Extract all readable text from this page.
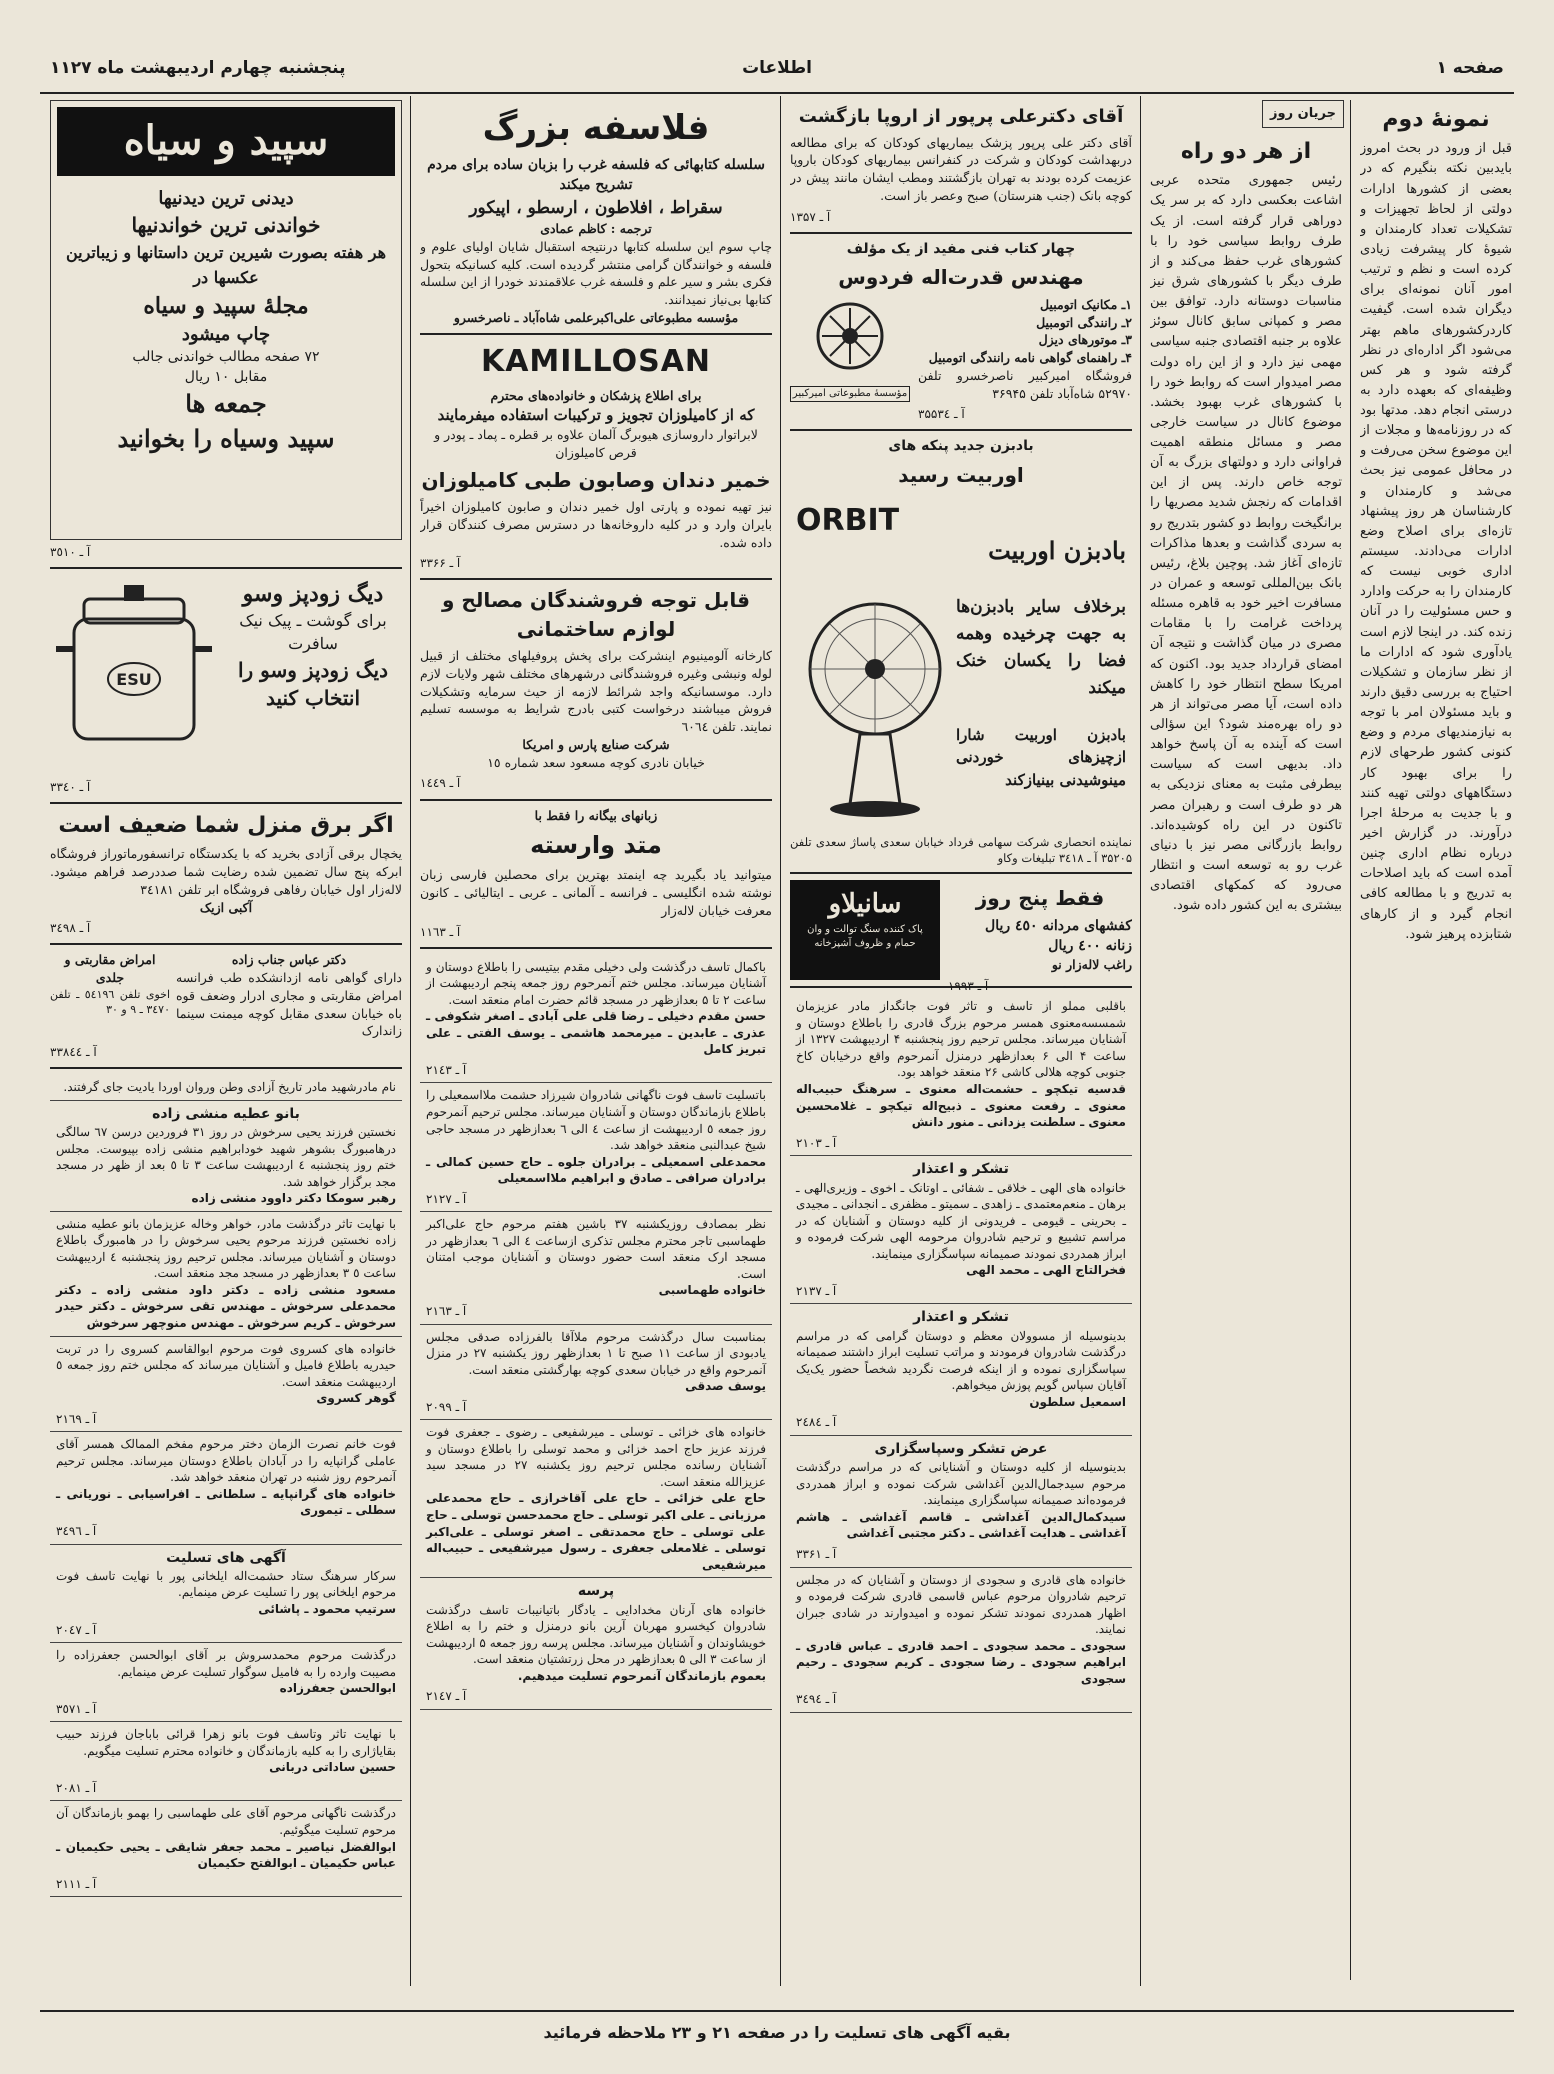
صفحه ۱
اطلاعات
پنجشنبه چهارم اردیبهشت ماه ۱۱۲۷
نمونهٔ دوم
قبل از ورود در بحث امروز بایدبین نکته بنگیرم که در بعضی از کشورها ادارات دولتی از لحاظ تجهیزات و تشکیلات تعداد کارمندان و شیوهٔ کار پیشرفت زیادی کرده است و نظم و ترتیب امور آنان نمونه‌ای برای دیگران شده است. گیفیت کاردرکشورهای ماهم بهتر می‌شود اگر اداره‌ای در نظر گرفته شود و هر کس وظیفه‌ای که بعهده دارد به درستی انجام دهد. مدتها بود که در روزنامه‌ها و مجلات از این موضوع سخن می‌رفت و در محافل عمومی نیز بحث می‌شد و کارمندان و کارشناسان هر روز پیشنهاد تازه‌ای برای اصلاح وضع ادارات می‌دادند. سیستم اداری خوبی نیست که کارمندان را به حرکت وادارد و حس مسئولیت را در آنان زنده کند. در اینجا لازم است یادآوری شود که ادارات ما از نظر سازمان و تشکیلات احتیاج به بررسی دقیق دارند و باید مسئولان امر با توجه به نیازمندیهای مردم و وضع کنونی کشور طرحهای لازم را برای بهبود کار دستگاههای دولتی تهیه کنند و با جدیت به مرحلهٔ اجرا درآورند. در گزارش اخیر درباره نظام اداری چنین آمده است که باید اصلاحات به تدریج و با مطالعه کافی انجام گیرد و از کارهای شتابزده پرهیز شود.
جریان روز
از هر دو راه
رئیس جمهوری متحده عربی اشاعت بعکسی دارد که بر سر یک دوراهی قرار گرفته است. از یک طرف روابط سیاسی خود را با کشورهای غرب حفظ می‌کند و از طرف دیگر با کشورهای شرق نیز مناسبات دوستانه دارد. توافق بین مصر و کمپانی سابق کانال سوئز علاوه بر جنبه اقتصادی جنبه سیاسی مهمی نیز دارد و از این راه دولت مصر امیدوار است که روابط خود را با کشورهای غرب بهبود بخشد. موضوع کانال در سیاست خارجی مصر و مسائل منطقه اهمیت فراوانی دارد و دولتهای بزرگ به آن توجه خاص دارند. پس از این اقدامات که رنجش شدید مصریها را برانگیخت روابط دو کشور بتدریج رو به سردی گذاشت و بعدها مذاکرات تازه‌ای آغاز شد. پوچین بلاغ، رئیس بانک بین‌المللی توسعه و عمران در مسافرت اخیر خود به قاهره مسئله پرداخت غرامت را با مقامات مصری در میان گذاشت و نتیجه آن امضای قرارداد جدید بود. اکنون که امریکا سطح انتظار خود را کاهش داده است، آیا مصر می‌تواند از هر دو راه بهره‌مند شود؟ این سؤالی است که آینده به آن پاسخ خواهد داد. بدیهی است که سیاست بیطرفی مثبت به معنای نزدیکی به هر دو طرف است و رهبران مصر تاکنون در این راه کوشیده‌اند. روابط بازرگانی مصر نیز با دنیای غرب رو به توسعه است و انتظار می‌رود که کمکهای اقتصادی بیشتری به این کشور داده شود.
آقای دکترعلی پرپور از اروپا بازگشت
آقای دکتر علی پرپور پزشک بیماریهای کودکان که برای مطالعه دربهداشت کودکان و شرکت در کنفرانس بیماریهای کودکان باروپا عزیمت کرده بودند به تهران بازگشتند ومطب ایشان مانند پیش در کوچه بانک (جنب هنرستان) صبح وعصر باز است.
آ ـ ۱۳۵۷
چهار کتاب فنی مفید از یک مؤلف
مهندس قدرت‌اله فردوس
۱ـ مکانیک اتومبیل
۲ـ رانندگی اتومبیل
۳ـ موتورهای دیزل
۴ـ راهنمای گواهی نامه رانندگی اتومبیل
فروشگاه امیرکبیر ناصرخسرو تلفن ۵۲۹۷۰ شاه‌آباد تلفن ۳۶۹۴۵
آ ـ ۳۵۵۳٤
مؤسسهٔ مطبوعاتی امیرکبیر
بادبزن جدید پنکه های
اوربیت رسید
ORBIT
بادبزن اوربیت
برخلاف سایر بادبزن‌ها به جهت چرخیده وهمه فضا را یکسان خنک میکند
بادبزن اوربیت شارا ازچیزهای خوردنی مینوشیدنی بینیازکند
نماینده انحصاری شرکت سهامی فرداد خیابان سعدی پاساژ سعدی تلفن ۳۵۲۰۵ آ ـ ۳٤۱۸ تبلیغات وکاو
فقط پنج روز
کفشهای مردانه ٤٥٠ ریال
زنانه ٤٠٠ ریال
راغب لاله‌زار نو
آ ـ ۱۹۹۳
سانیلاو
پاک کننده سنگ توالت و وان حمام و ظروف آشپزخانه
باقلبی مملو از تاسف و تاثر فوت جانگداز مادر عزیزمان شمسسه‌معنوی همسر مرحوم بزرگ قادری را باطلاع دوستان و آشنایان میرساند. مجلس ترحیم روز پنجشنبه ۴ اردیبهشت ۱۳۲۷ از ساعت ۴ الی ۶ بعدازظهر درمنزل آنمرحوم واقع درخیابان کاخ جنوبی کوچه هلالی کاشی ۲۶ منعقد خواهد بود.
قدسیه تیکچو ـ حشمت‌اله معنوی ـ سرهنگ حبیب‌اله معنوی ـ رفعت معنوی ـ ذبیح‌اله تیکچو ـ غلامحسین معنوی ـ سلطنت یزدانی ـ منور دانش
آ ـ ۲۱۰۳
تشکر و اعتذار
خانواده های الهی ـ خلاقی ـ شفائی ـ اوتانک ـ اخوی ـ وزیری‌الهی ـ برهان ـ منعم‌معتمدی ـ زاهدی ـ سمیتو ـ مظفری ـ انجدانی ـ مجیدی ـ بحرینی ـ قیومی ـ فریدونی از کلیه دوستان و آشنایان که در مراسم تشییع و ترحیم شادروان مرحومه الهی شرکت فرموده و ابراز همدردی نمودند صمیمانه سپاسگزاری مینمایند.
فخرالتاج الهی ـ محمد الهی
آ ـ ۲۱۳۷
تشکر و اعتذار
بدینوسیله از مسوولان معظم و دوستان گرامی که در مراسم درگذشت شادروان فرمودند و مراتب تسلیت ابراز داشتند صمیمانه سپاسگزاری نموده و از اینکه فرصت نگردید شخصاً حضور یک‌یک آقایان سپاس گویم پوزش میخواهم.
اسمعیل سلطون
آ ـ ۲٤٨٤
عرض تشکر وسپاسگزاری
بدینوسیله از کلیه دوستان و آشنایانی که در مراسم درگذشت مرحوم سیدجمال‌الدین آغداشی شرکت نموده و ابراز همدردی فرموده‌اند صمیمانه سپاسگزاری مینمایند.
سیدکمال‌الدین آغداشی ـ قاسم آغداشی ـ هاشم آغداشی ـ هدایت آغداشی ـ دکتر مجتبی آغداشی
آ ـ ۳۳۶۱
خانواده های قادری و سجودی از دوستان و آشنایان که در مجلس ترحیم شادروان مرحوم عباس قاسمی قادری شرکت فرموده و اظهار همدردی نمودند تشکر نموده و امیدوارند در شادی جبران نمایند.
سجودی ـ محمد سجودی ـ احمد قادری ـ عباس قادری ـ ابراهیم سجودی ـ رضا سجودی ـ کریم سجودی ـ رحیم سجودی
آ ـ ۳٤۹٤
فلاسفه بزرگ
سلسله کتابهائی که فلسفه غرب را بزبان ساده برای مردم تشریح میکند
سقراط ، افلاطون ، ارسطو ، اپیکور
ترجمه : کاظم عمادی
چاپ سوم این سلسله کتابها درنتیجه استقبال شایان اولیای علوم و فلسفه و خوانندگان گرامی منتشر گردیده است. کلیه کسانیکه بتحول فکری بشر و سیر علم و فلسفه غرب علاقمندند خودرا از این سلسله کتابها بی‌نیاز نمیدانند.
مؤسسه مطبوعاتی علی‌اکبرعلمی شاه‌آباد ـ ناصرخسرو
KAMILLOSAN
برای اطلاع پزشکان و خانواده‌های محترم
که از کامیلوزان تجویز و ترکیبات استفاده میفرمایند
لابراتوار داروسازی هیوبرگ آلمان علاوه بر قطره ـ پماد ـ پودر و قرص کامیلوزان
خمیر دندان وصابون طبی کامیلوزان
نیز تهیه نموده و پارتی اول خمیر دندان و صابون کامیلوزان اخیراً بایران وارد و در کلیه داروخانه‌ها در دسترس مصرف کنندگان قرار داده شده.
آ ـ ۳۳۶۶
قابل توجه فروشندگان مصالح و لوازم ساختمانی
کارخانه آلومینیوم اینشرکت برای پخش پروفیلهای مختلف از قبیل لوله ونبشی وغیره فروشندگانی درشهرهای مختلف شهر ولایات لازم دارد. موسسانیکه واجد شرائط لازمه از حیث سرمایه وتشکیلات فروش میباشند درخواست کتبی بادرج شرایط به موسسه تسلیم نمایند. تلفن ٦٠٦٤
شرکت صنایع پارس و امریکا
خیابان نادری کوچه مسعود سعد شماره ١٥
آ ـ ١٤٤٩
زبانهای بیگانه را فقط با
متد وارسته
میتوانید یاد بگیرید چه اینمتد بهترین برای محصلین فارسی زبان نوشته شده انگلیسی ـ فرانسه ـ آلمانی ـ عربی ـ ایتالیائی ـ کانون معرفت خیابان لاله‌زار
آ ـ ١١٦٣
باکمال تاسف درگذشت ولی دخیلی مقدم بیتیسی را باطلاع دوستان و آشنایان میرساند. مجلس ختم آنمرحوم روز جمعه پنجم اردیبهشت از ساعت ۲ تا ۵ بعدازظهر در مسجد قائم حضرت امام منعقد است.
حسن مقدم دخیلی ـ رضا قلی علی آبادی ـ اصغر شکوفی ـ عذری ـ عابدین ـ میرمحمد هاشمی ـ یوسف الفتی ـ علی تبریز کامل
آ ـ ۲١٤۳
باتسلیت تاسف فوت ناگهانی شادروان شیرزاد حشمت ملااسمعیلی را باطلاع بازماندگان دوستان و آشنایان میرساند. مجلس ترحیم آنمرحوم روز جمعه ٥ اردیبهشت از ساعت ٤ الی ٦ بعدازظهر در مسجد حاجی شیخ عبدالنبی منعقد خواهد شد.
محمدعلی اسمعیلی ـ برادران جلوه ـ حاج حسین کمالی ـ برادران صرافی ـ صادق و ابراهیم ملااسمعیلی
آ ـ ۲١٢٧
نظر بمصادف روزیکشنبه ۳٧ باشین هفتم مرحوم حاج علی‌اکبر طهماسبی تاجر محترم مجلس تذکری ازساعت ٤ الی ٦ بعدازظهر در مسجد ارک منعقد است حضور دوستان و آشنایان موجب امتنان است.
خانواده طهماسبی
آ ـ ۲١٦٣
بمناسبت سال درگذشت مرحوم ملاآقا بالفرزاده صدقی مجلس یادبودی از ساعت ١١ صبح تا ١ بعدازظهر روز یکشنبه ٢٧ در منزل آنمرحوم واقع در خیابان سعدی کوچه بهارگشتی منعقد است.
یوسف صدقی
آ ـ ۲٠٩٩
خانواده های خزائی ـ توسلی ـ میرشفیعی ـ رضوی ـ جعفری فوت فرزند عزیز حاج احمد خزائی و محمد توسلی را باطلاع دوستان و آشنایان رسانده مجلس ترحیم روز یکشنبه ٢٧ در مسجد سید عزیزالله منعقد است.
حاج علی خزائی ـ حاج علی آقاخرازی ـ حاج محمدعلی مرزبانی ـ علی اکبر توسلی ـ حاج محمدحسن توسلی ـ حاج علی توسلی ـ حاج محمدتقی ـ اصغر توسلی ـ علی‌اکبر توسلی ـ غلامعلی جعفری ـ رسول میرشفیعی ـ حبیب‌اله میرشفیعی
پرسه
خانواده های آرنان مخدادایی ـ یادگار باتیانیبات تاسف درگذشت شادروان کیخسرو مهربان آرین بانو درمنزل و ختم را به اطلاع خویشاوندان و آشنایان میرساند. مجلس پرسه روز جمعه ۵ اردیبهشت از ساعت ۳ الی ۵ بعدازظهر در محل زرتشتیان منعقد است.
بعموم بازماندگان آنمرحوم تسلیت میدهیم.
آ ـ ۲١٤٧
سپید و سیاه
دیدنی ترین دیدنیها
خواندنی ترین خواندنیها
هر هفته بصورت شیرین ترین داستانها و زیباترین عکسها در
مجلهٔ سپید و سیاه
چاپ میشود
٧٢ صفحه مطالب خواندنی جالب
مقابل ١٠ ریال
جمعه ها
سپید وسیاه را بخوانید
آ ـ ٣٥١٠
ESU
دیگ زودپز وسو
برای گوشت ـ پیک نیک
سافرت
دیگ زودپز وسو را
انتخاب کنید
آ ـ ٣٣٤٠
اگر برق منزل شما ضعیف است
یخچال برقی آزادی بخرید که با یکدستگاه ترانسفورماتوراز فروشگاه ابرکه پنج سال تضمین شده رضایت شما صددرصد فراهم میشود. لاله‌زار اول خیابان رفاهی فروشگاه ابر تلفن ٣٤١٨١
آکبی ازیک
آ ـ ٣٤٩٨
دکتر عباس جناب زاده
دارای گواهی نامه ازدانشکده طب فرانسه امراض مقاربتی و مجاری ادرار وضعف قوه باه خیابان سعدی مقابل کوچه میمنت سینما زاندارک
امراض مقاربتی و جلدی
اخوی تلفن ٥٤١٩٦ ـ تلفن ٣٤٧٠ ـ ٩ و ٣٠
آ ـ ٣٣٨٤٤
نام مادرشهید مادر تاریخ آزادی وطن وروان اوردا یادیت جای گرفتند.
بانو عطیه منشی زاده
نخستین فرزند یحیی سرخوش در روز ٣١ فروردین درسن ٦٧ سالگی درهامبورگ بشوهر شهید خودابراهیم منشی زاده بپیوست. مجلس ختم روز پنجشنبه ٤ اردیبهشت ساعت ٣ تا ٥ بعد از ظهر در مسجد مجد برگزار خواهد شد.
رهبر سومکا دکتر داوود منشی زاده
با نهایت تاثر درگذشت مادر، خواهر وخاله عزیزمان بانو عطیه منشی زاده نخستین فرزند مرحوم یحیی سرخوش را در هامبورگ باطلاع دوستان و آشنایان میرساند. مجلس ترحیم روز پنجشنبه ٤ اردیبهشت ساعت ٥ ٣ بعدازظهر در مسجد مجد منعقد است.
مسعود منشی زاده ـ دکتر داود منشی زاده ـ دکتر محمدعلی سرخوش ـ مهندس تقی سرخوش ـ دکتر حیدر سرخوش ـ کریم سرخوش ـ مهندس منوچهر سرخوش
خانواده های کسروی فوت مرحوم ابوالقاسم کسروی را در تربت حیدریه باطلاع فامیل و آشنایان میرساند که مجلس ختم روز جمعه ٥ اردیبهشت منعقد است.
گوهر کسروی
آ ـ ٢١٦٩
فوت خانم نصرت الزمان دختر مرحوم مفخم الممالک همسر آقای عاملی گرانپایه را در آبادان باطلاع دوستان میرساند. مجلس ترحیم آنمرحوم روز شنبه در تهران منعقد خواهد شد.
خانواده های گرانپایه ـ سلطانی ـ افراسیابی ـ نوریانی ـ سطلی ـ تیموری
آ ـ ٣٤٩٦
آگهی های تسلیت
سرکار سرهنگ ستاد حشمت‌اله ایلخانی پور با نهایت تاسف فوت مرحوم ایلخانی پور را تسلیت عرض مینمایم.
سرتیپ محمود ـ پاشائی
آ ـ ٢٠٤٧
درگذشت مرحوم محمدسروش بر آقای ابوالحسن جعفرزاده را مصیبت وارده را به فامیل سوگوار تسلیت عرض مینمایم.
ابوالحسن جعفرزاده
آ ـ ٣٥٧١
با نهایت تاثر وتاسف فوت بانو زهرا قرائی باباجان فرزند حبیب بقایاژاری را به کلیه بازماندگان و خانواده محترم تسلیت میگویم.
حسین ساداتی دربانی
آ ـ ٢٠٨١
درگذشت ناگهانی مرحوم آقای علی طهماسبی را بهمو بازماندگان آن مرحوم تسلیت میگوئیم.
ابوالفضل نیاصیر ـ محمد جعفر شایقی ـ یحیی حکیمیان ـ عباس حکیمیان ـ ابوالفتح حکیمیان
آ ـ ٢١١١
بقیه آگهی های تسلیت را در صفحه ۲۱ و ۲۳ ملاحظه فرمائید
